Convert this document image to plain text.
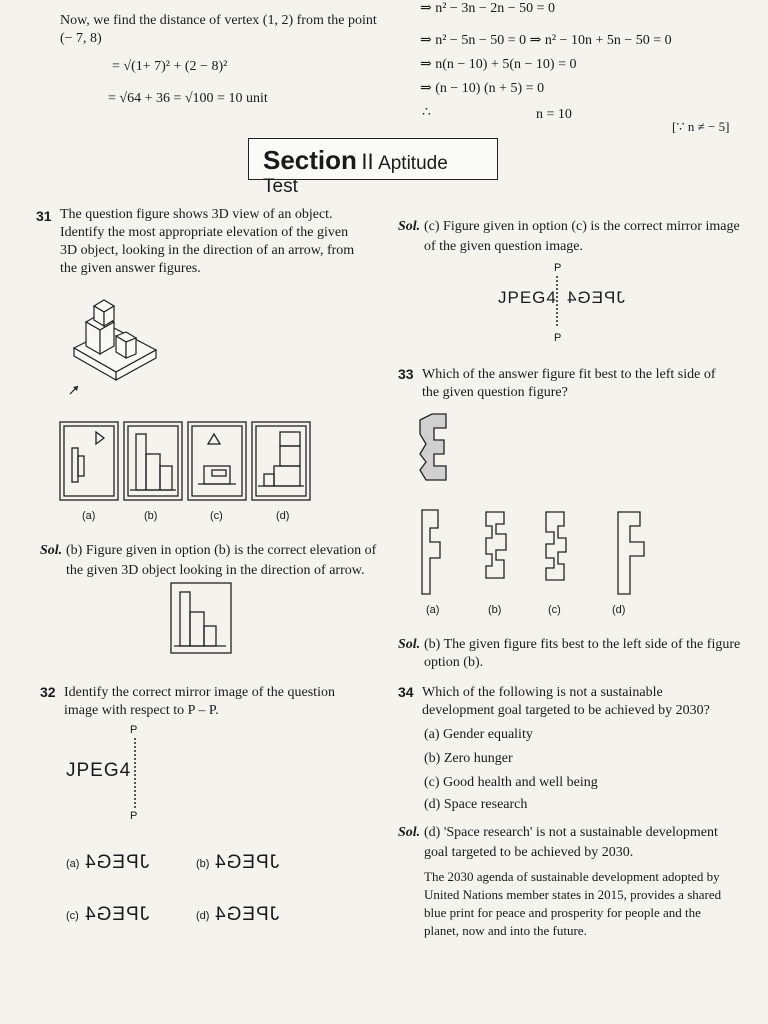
Now, we find the distance of vertex (1, 2) from the point
(− 7, 8)
= √(1+ 7)² + (2 − 8)²
= √64 + 36 = √100 = 10 unit
⇒ n² − 3n − 2n − 50 = 0
⇒ n² − 5n − 50 = 0 ⇒ n² − 10n + 5n − 50 = 0
⇒ n(n − 10) + 5(n − 10) = 0
⇒ (n − 10) (n + 5) = 0
∴	n = 10
[∵ n ≠ − 5]
Section II Aptitude Test
31 The question figure shows 3D view of an object.
Identify the most appropriate elevation of the given
3D object, looking in the direction of an arrow, from
the given answer figures.
(a)	(b)	(c)	(d)
Sol. (b) Figure given in option (b) is the correct elevation of
the given 3D object looking in the direction of arrow.
32 Identify the correct mirror image of the question
image with respect to P – P.
P
P
JPEG4
(a) JPEG4	(b) JPEG4
(c) JPEG4	(d) JPEG4
Sol. (c) Figure given in option (c) is the correct mirror image
of the given question image.
P
P
JPEG4 JPEG4
33 Which of the answer figure fit best to the left side of
the given question figure?
(a)	(b)	(c)	(d)
Sol. (b) The given figure fits best to the left side of the figure
option (b).
34 Which of the following is not a sustainable
development goal targeted to be achieved by 2030?
(a) Gender equality
(b) Zero hunger
(c) Good health and well being
(d) Space research
Sol. (d) 'Space research' is not a sustainable development
goal targeted to be achieved by 2030.
The 2030 agenda of sustainable development adopted by
United Nations member states in 2015, provides a shared
blue print for peace and prosperity for people and the
planet, now and into the future.
